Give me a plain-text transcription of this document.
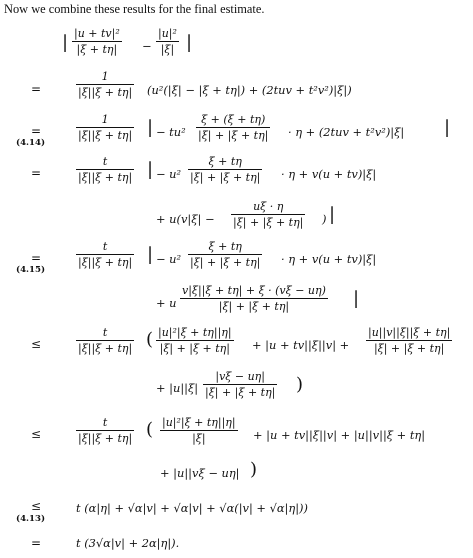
Now we combine these results for the final estimate.
| |u + tv|²
|ξ + tη| −
|u|²
|ξ| |
=
1
|ξ||ξ + tη| (u²(|ξ| − |ξ + tη|) + (2tuv + t²v²)|ξ|)
=
(4.14)
1
|ξ||ξ + tη| | − tu²
ξ + (ξ + tη)
|ξ| + |ξ + tη| · η + (2tuv + t²v²)|ξ| |
=
t
|ξ||ξ + tη| | − u²
ξ + tη
|ξ| + |ξ + tη| · η + v(u + tv)|ξ|
+ u(v|ξ| −
uξ · η
|ξ| + |ξ + tη| ) |
=
(4.15)
t
|ξ||ξ + tη| | − u²
ξ + tη
|ξ| + |ξ + tη| · η + v(u + tv)|ξ|
+ u
v|ξ||ξ + tη| + ξ · (vξ − uη)
|ξ| + |ξ + tη|	|
≤
t
|ξ||ξ + tη| ( |u|²|ξ + tη||η|
|ξ| + |ξ + tη| + |u + tv||ξ||v| +
|u||v||ξ||ξ + tη|
|ξ| + |ξ + tη|
+ |u||ξ|
|vξ − uη|
|ξ| + |ξ + tη| )
≤
t
|ξ||ξ + tη| ( |u|²|ξ + tη||η|
|ξ|	+ |u + tv||ξ||v| + |u||v||ξ + tη|
+ |u||vξ − uη| )
≤
(4.13)
t (α|η| + √α|v| + √α|v| + √α(|v| + √α|η|))
=	t (3√α|v| + 2α|η|).
